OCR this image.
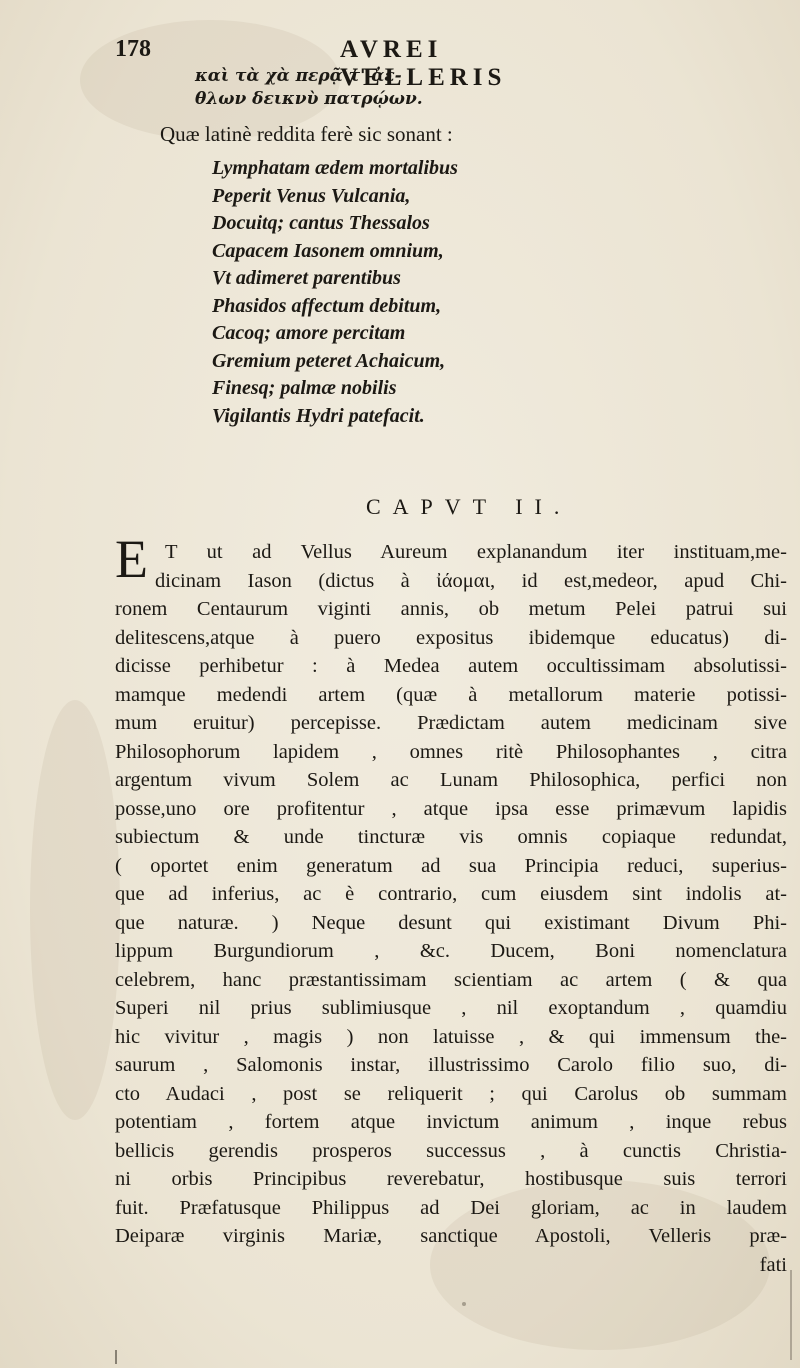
178	AVREI VELLERIS
καὶ τὰ χὰ περᾷ τ' ἀε-
θλων δεικνὺ πατρῴων.
Quæ latinè reddita ferè sic sonant :
Lymphatam ædem mortalibus
Peperit Venus Vulcania,
Docuitq; cantus Thessalos
Capacem Iasonem omnium,
Vt adimeret parentibus
Phasidos affectum debitum,
Cacoq; amore percitam
Gremium peteret Achaicum,
Finesq; palmæ nobilis
Vigilantis Hydri patefacit.
CAPVT II.
E T ut ad Vellus Aureum explanandum iter instituam,me-
dicinam Iason (dictus à ἰάομαι, id est,medeor, apud Chi-
ronem Centaurum viginti annis, ob metum Pelei patrui sui
delitescens,atque à puero expositus ibidemque educatus) di-
dicisse perhibetur : à Medea autem occultissimam absolutissi-
mamque medendi artem (quæ à metallorum materie potissi-
mum eruitur) percepisse. Prædictam autem medicinam sive
Philosophorum lapidem , omnes ritè Philosophantes , citra
argentum vivum Solem ac Lunam Philosophica, perfici non
posse,uno ore profitentur , atque ipsa esse primævum lapidis
subiectum & unde tincturæ vis omnis copiaque redundat,
( oportet enim generatum ad sua Principia reduci, superius-
que ad inferius, ac è contrario, cum eiusdem sint indolis at-
que naturæ. ) Neque desunt qui existimant Divum Phi-
lippum Burgundiorum , &c. Ducem, Boni nomenclatura
celebrem, hanc præstantissimam scientiam ac artem ( & qua
Superi nil prius sublimiusque , nil exoptandum , quamdiu
hic vivitur , magis ) non latuisse , & qui immensum the-
saurum , Salomonis instar, illustrissimo Carolo filio suo, di-
cto Audaci , post se reliquerit ; qui Carolus ob summam
potentiam , fortem atque invictum animum , inque rebus
bellicis gerendis prosperos successus , à cunctis Christia-
ni orbis Principibus reverebatur, hostibusque suis terrori
fuit. Præfatusque Philippus ad Dei gloriam, ac in laudem
Deiparæ virginis Mariæ, sanctique Apostoli, Velleris præ-
fati
